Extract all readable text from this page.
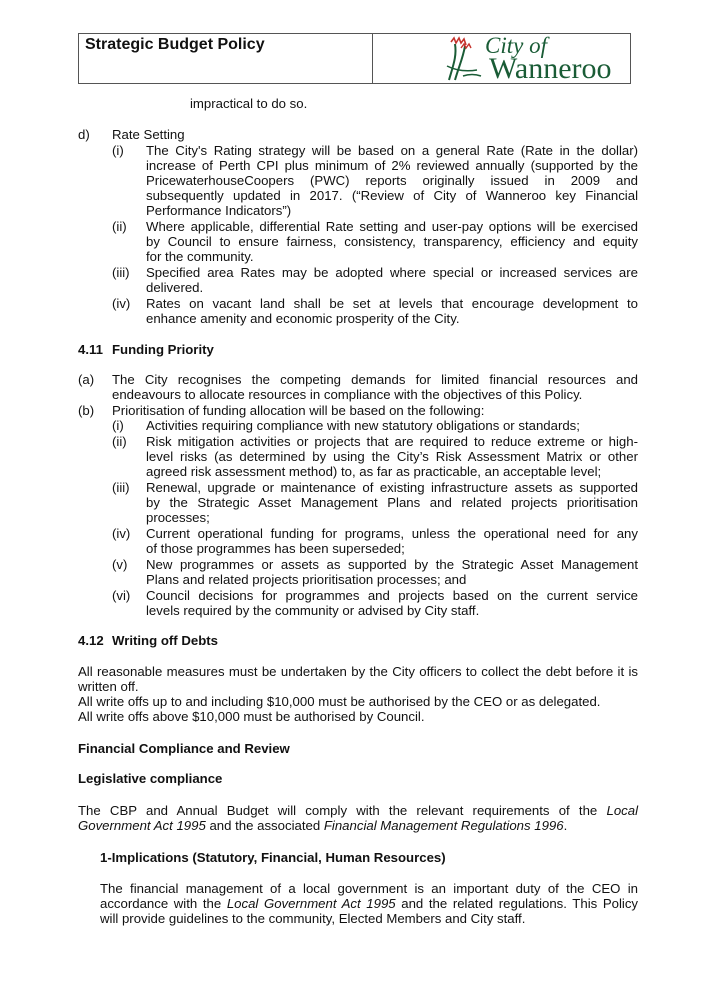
Strategic Budget Policy	City of
Wanneroo
impractical to do so.
d) Rate Setting
(i) The City's Rating strategy will be based on a general Rate (Rate in the dollar)
increase of Perth CPI plus minimum of 2% reviewed annually (supported by the
PricewaterhouseCoopers (PWC) reports originally issued in 2009 and
subsequently updated in 2017. (“Review of City of Wanneroo key Financial
Performance Indicators”)
(ii) Where applicable, differential Rate setting and user-pay options will be exercised
by Council to ensure fairness, consistency, transparency, efficiency and equity
for the community.
(iii) Specified area Rates may be adopted where special or increased services are
delivered.
(iv) Rates on vacant land shall be set at levels that encourage development to
enhance amenity and economic prosperity of the City.
4.11 Funding Priority
(a) The City recognises the competing demands for limited financial resources and
endeavours to allocate resources in compliance with the objectives of this Policy.
(b) Prioritisation of funding allocation will be based on the following:
(i) Activities requiring compliance with new statutory obligations or standards;
(ii) Risk mitigation activities or projects that are required to reduce extreme or high-
level risks (as determined by using the City’s Risk Assessment Matrix or other
agreed risk assessment method) to, as far as practicable, an acceptable level;
(iii) Renewal, upgrade or maintenance of existing infrastructure assets as supported
by the Strategic Asset Management Plans and related projects prioritisation
processes;
(iv) Current operational funding for programs, unless the operational need for any
of those programmes has been superseded;
(v) New programmes or assets as supported by the Strategic Asset Management
Plans and related projects prioritisation processes; and
(vi) Council decisions for programmes and projects based on the current service
levels required by the community or advised by City staff.
4.12 Writing off Debts
All reasonable measures must be undertaken by the City officers to collect the debt before it is
written off.
All write offs up to and including $10,000 must be authorised by the CEO or as delegated.
All write offs above $10,000 must be authorised by Council.
Financial Compliance and Review
Legislative compliance
The CBP and Annual Budget will comply with the relevant requirements of the Local
Government Act 1995 and the associated Financial Management Regulations 1996.
1-Implications (Statutory, Financial, Human Resources)
The financial management of a local government is an important duty of the CEO in
accordance with the Local Government Act 1995 and the related regulations. This Policy
will provide guidelines to the community, Elected Members and City staff.
